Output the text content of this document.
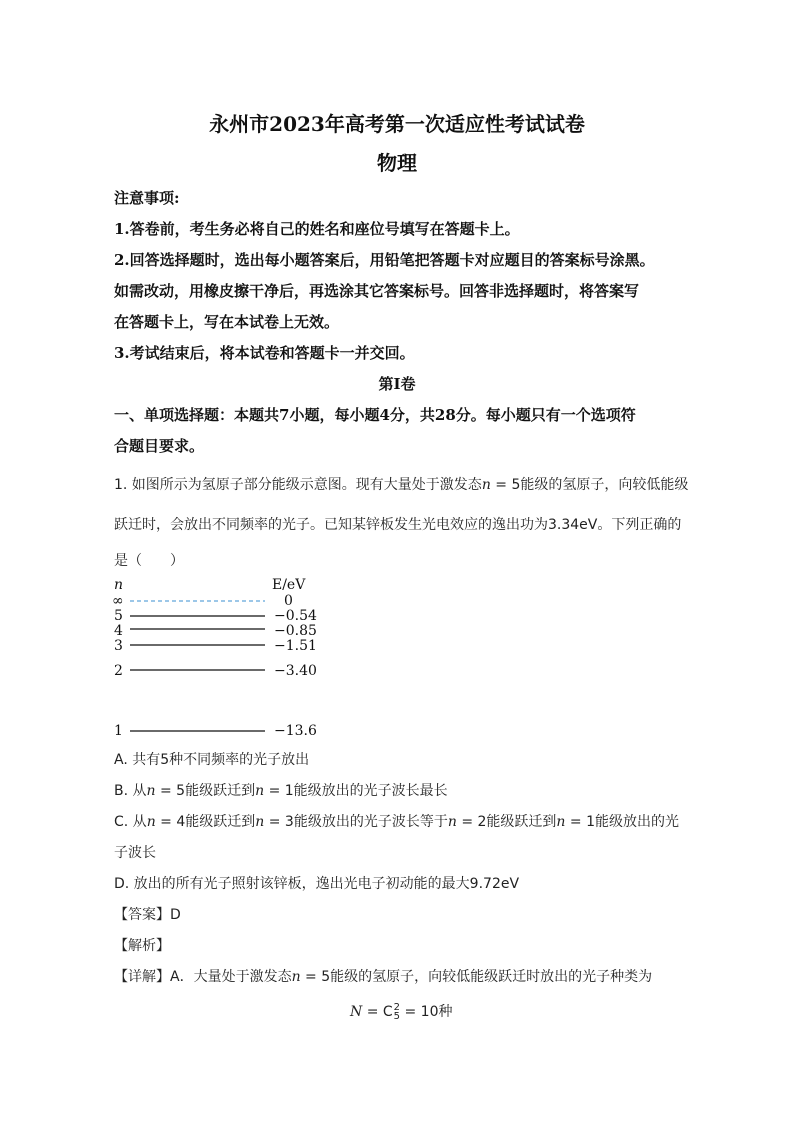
永州市2023年高考第一次适应性考试试卷
物理
注意事项:
1.答卷前，考生务必将自己的姓名和座位号填写在答题卡上。
2.回答选择题时，选出每小题答案后，用铅笔把答题卡对应题目的答案标号涂黑。
如需改动，用橡皮擦干净后，再选涂其它答案标号。回答非选择题时，将答案写
在答题卡上，写在本试卷上无效。
3.考试结束后，将本试卷和答题卡一并交回。
第Ⅰ卷
一、单项选择题：本题共7小题，每小题4分，共28分。每小题只有一个选项符
合题目要求。
1. 如图所示为氢原子部分能级示意图。现有大量处于激发态n = 5能级的氢原子，向较低能级
跃迁时，会放出不同频率的光子。已知某锌板发生光电效应的逸出功为3.34eV。下列正确的
是（　　）
n	E/eV
∞	0
5	−0.54
4	−0.85
3	−1.51
2	−3.40
1	−13.6
A. 共有5种不同频率的光子放出
B. 从n = 5能级跃迁到n = 1能级放出的光子波长最长
C. 从n = 4能级跃迁到n = 3能级放出的光子波长等于n = 2能级跃迁到n = 1能级放出的光
子波长
D. 放出的所有光子照射该锌板，逸出光电子初动能的最大9.72eV
【答案】D
【解析】
【详解】A．大量处于激发态n = 5能级的氢原子，向较低能级跃迁时放出的光子种类为
N = C 2
5 = 10种
